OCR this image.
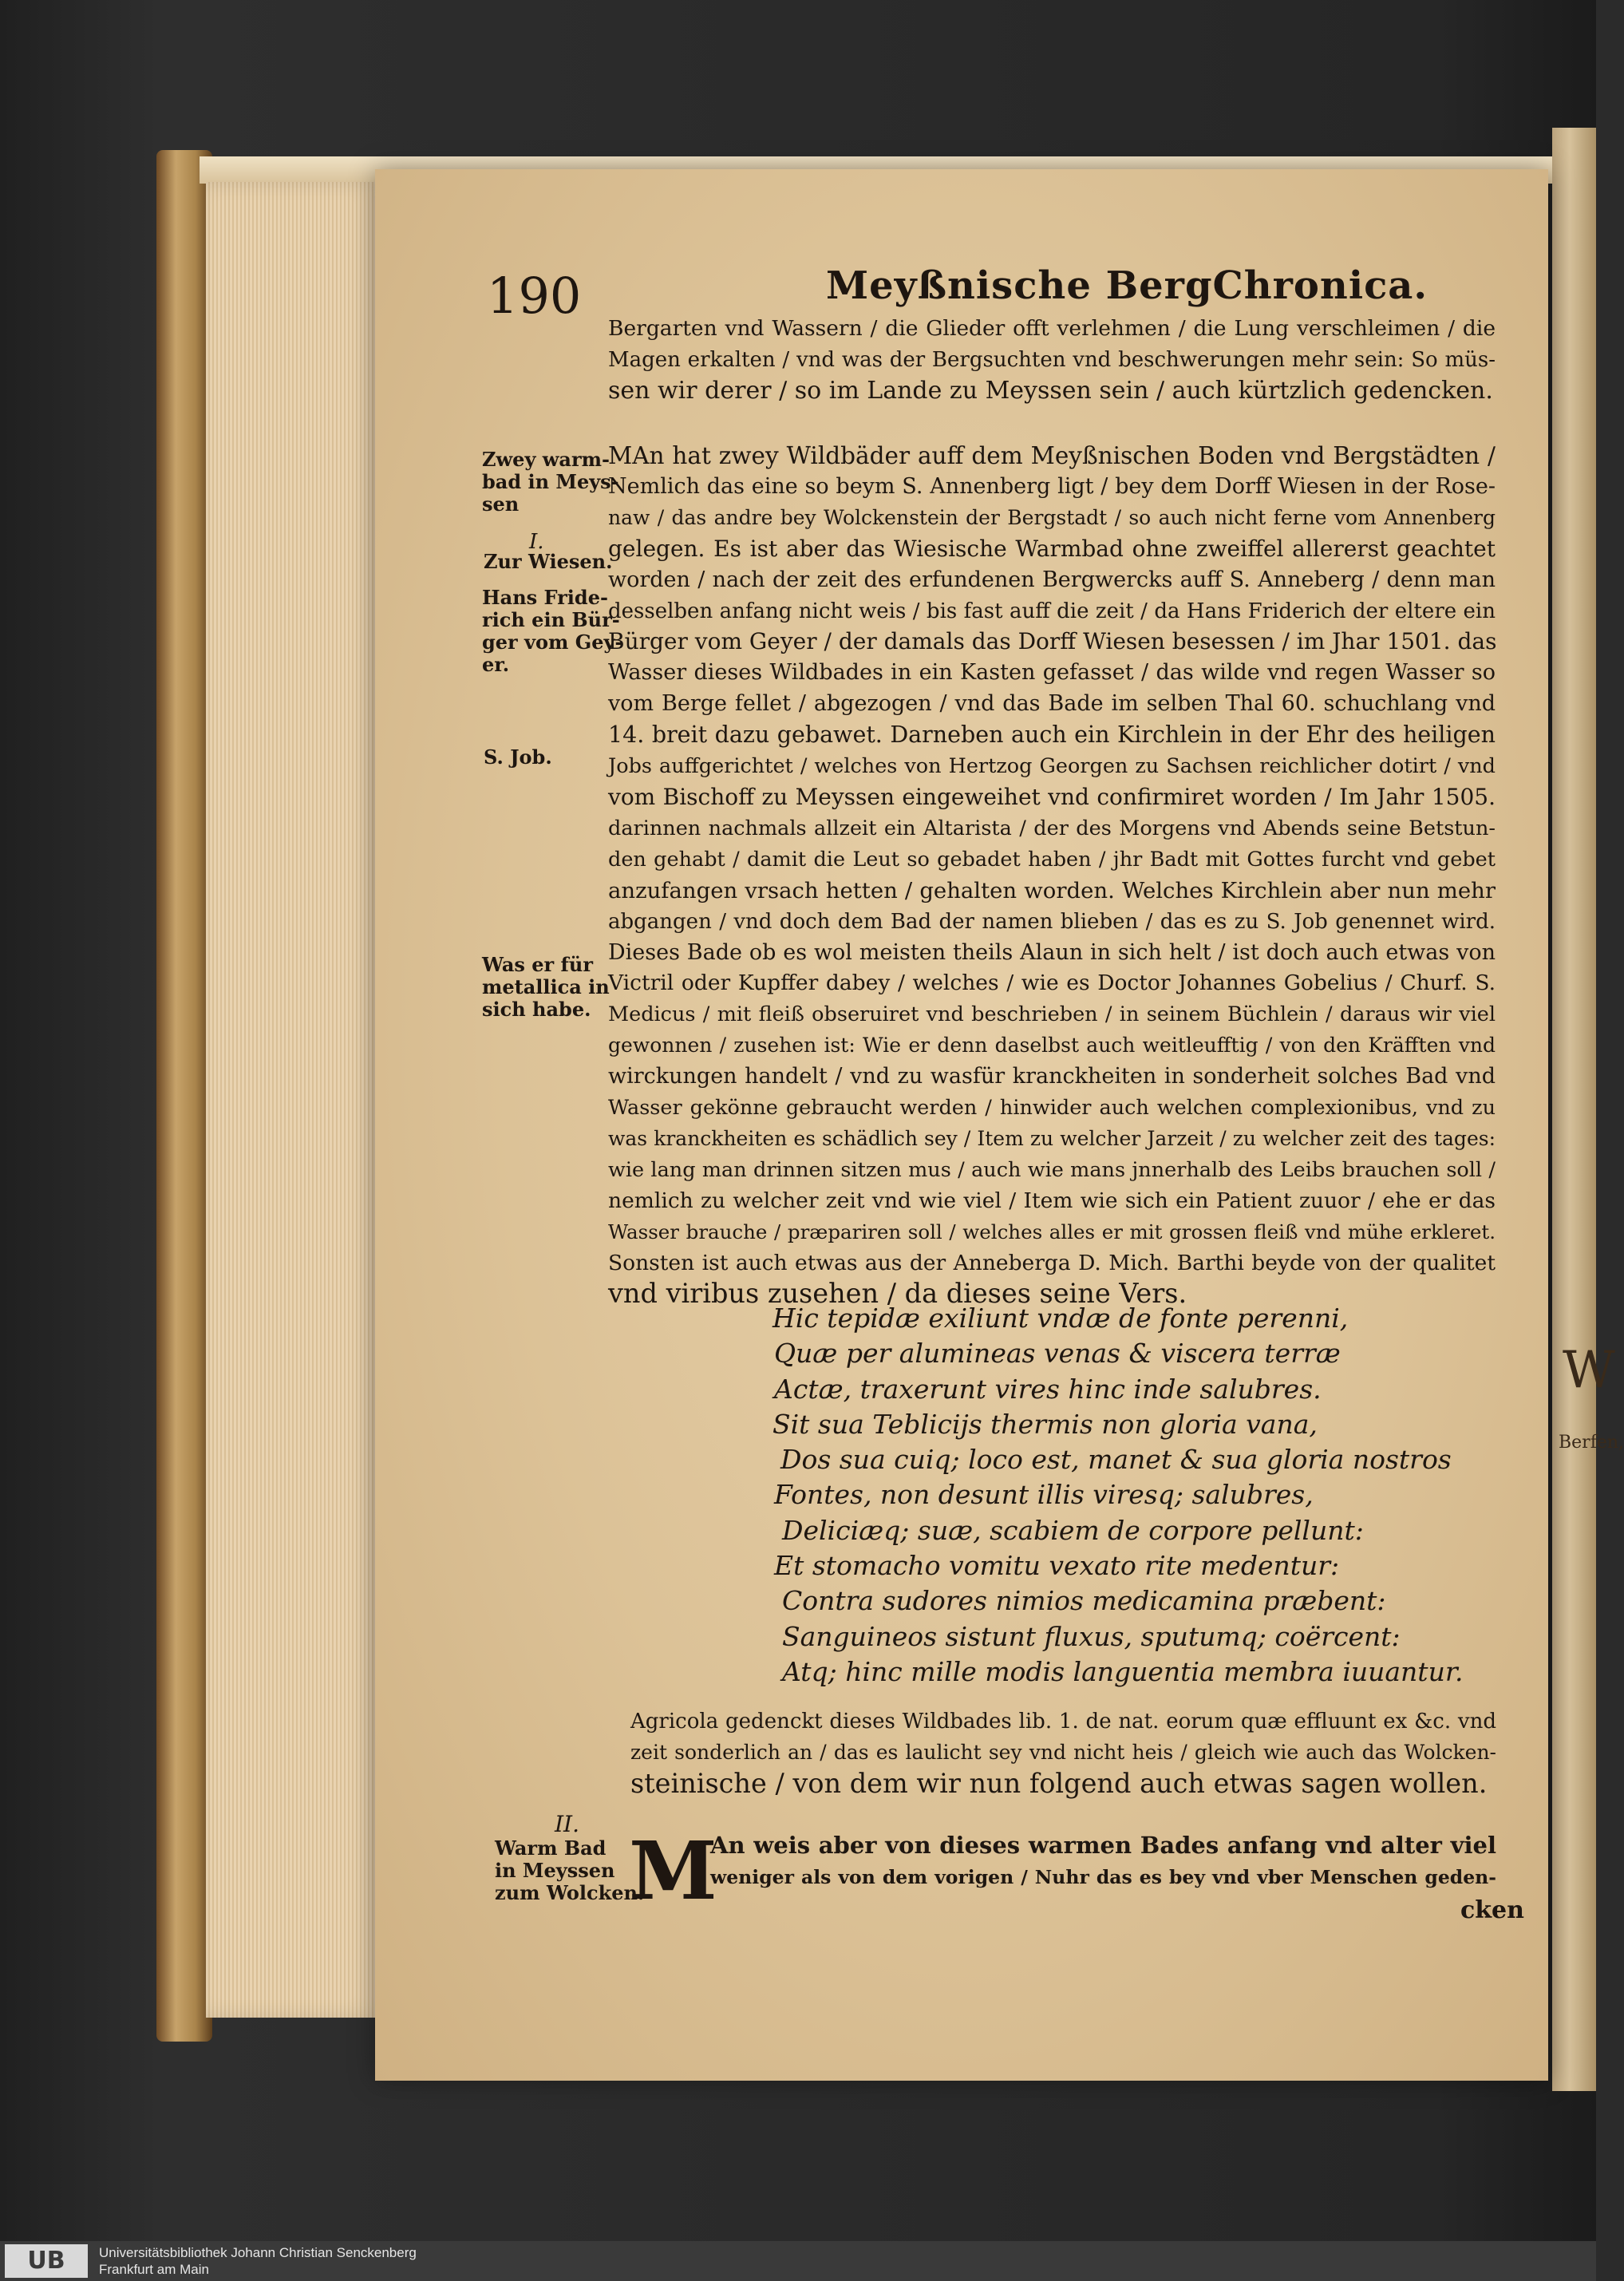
W
Berfen,
190	Meyßnische BergChronica.
Bergarten vnd Wassern / die Glieder offt verlehmen / die Lung verschleimen / die
Magen erkalten / vnd was der Bergsuchten vnd beschwerungen mehr sein: So müs-
sen wir derer / so im Lande zu Meyssen sein / auch kürtzlich gedencken.
MAn hat zwey Wildbäder auff dem Meyßnischen Boden vnd Bergstädten /
Nemlich das eine so beym S. Annenberg ligt / bey dem Dorff Wiesen in der Rose-
naw / das andre bey Wolckenstein der Bergstadt / so auch nicht ferne vom Annenberg
gelegen. Es ist aber das Wiesische Warmbad ohne zweiffel allererst geachtet
worden / nach der zeit des erfundenen Bergwercks auff S. Anneberg / denn man
desselben anfang nicht weis / bis fast auff die zeit / da Hans Friderich der eltere ein
Bürger vom Geyer / der damals das Dorff Wiesen besessen / im Jhar 1501. das
Wasser dieses Wildbades in ein Kasten gefasset / das wilde vnd regen Wasser so
vom Berge fellet / abgezogen / vnd das Bade im selben Thal 60. schuchlang vnd
14. breit dazu gebawet. Darneben auch ein Kirchlein in der Ehr des heiligen
Jobs auffgerichtet / welches von Hertzog Georgen zu Sachsen reichlicher dotirt / vnd
vom Bischoff zu Meyssen eingeweihet vnd confirmiret worden / Im Jahr 1505.
darinnen nachmals allzeit ein Altarista / der des Morgens vnd Abends seine Betstun-
den gehabt / damit die Leut so gebadet haben / jhr Badt mit Gottes furcht vnd gebet
anzufangen vrsach hetten / gehalten worden. Welches Kirchlein aber nun mehr
abgangen / vnd doch dem Bad der namen blieben / das es zu S. Job genennet wird.
Dieses Bade ob es wol meisten theils Alaun in sich helt / ist doch auch etwas von
Victril oder Kupffer dabey / welches / wie es Doctor Johannes Gobelius / Churf. S.
Medicus / mit fleiß obseruiret vnd beschrieben / in seinem Büchlein / daraus wir viel
gewonnen / zusehen ist: Wie er denn daselbst auch weitleufftig / von den Kräfften vnd
wirckungen handelt / vnd zu wasfür kranckheiten in sonderheit solches Bad vnd
Wasser gekönne gebraucht werden / hinwider auch welchen complexionibus, vnd zu
was kranckheiten es schädlich sey / Item zu welcher Jarzeit / zu welcher zeit des tages:
wie lang man drinnen sitzen mus / auch wie mans jnnerhalb des Leibs brauchen soll /
nemlich zu welcher zeit vnd wie viel / Item wie sich ein Patient zuuor / ehe er das
Wasser brauche / præpariren soll / welches alles er mit grossen fleiß vnd mühe erkleret.
Sonsten ist auch etwas aus der Anneberga D. Mich. Barthi beyde von der qualitet
vnd viribus zusehen / da dieses seine Vers.
Zwey warm-
bad in Meys-
sen
I.
Zur Wiesen.
Hans Fride-
rich ein Bür-
ger vom Gey-
er.
S. Job.
Was er für
metallica in
sich habe.
Hic tepidæ exiliunt vndæ de fonte perenni,
Quæ per alumineas venas & viscera terræ
Actæ, traxerunt vires hinc inde salubres.
Sit sua Teblicijs thermis non gloria vana,
Dos sua cuiq; loco est, manet & sua gloria nostros
Fontes, non desunt illis viresq; salubres,
Deliciæq; suæ, scabiem de corpore pellunt:
Et stomacho vomitu vexato rite medentur:
Contra sudores nimios medicamina præbent:
Sanguineos sistunt fluxus, sputumq; coërcent:
Atq; hinc mille modis languentia membra iuuantur.
Agricola gedenckt dieses Wildbades lib. 1. de nat. eorum quæ effluunt ex &c. vnd
zeit sonderlich an / das es laulicht sey vnd nicht heis / gleich wie auch das Wolcken-
steinische / von dem wir nun folgend auch etwas sagen wollen.
II.
Warm Bad
in Meyssen
zum Wolcken.
M
An weis aber von dieses warmen Bades anfang vnd alter viel
weniger als von dem vorigen / Nuhr das es bey vnd vber Menschen geden-
cken
UB	Universitätsbibliothek Johann Christian Senckenberg
Frankfurt am Main
